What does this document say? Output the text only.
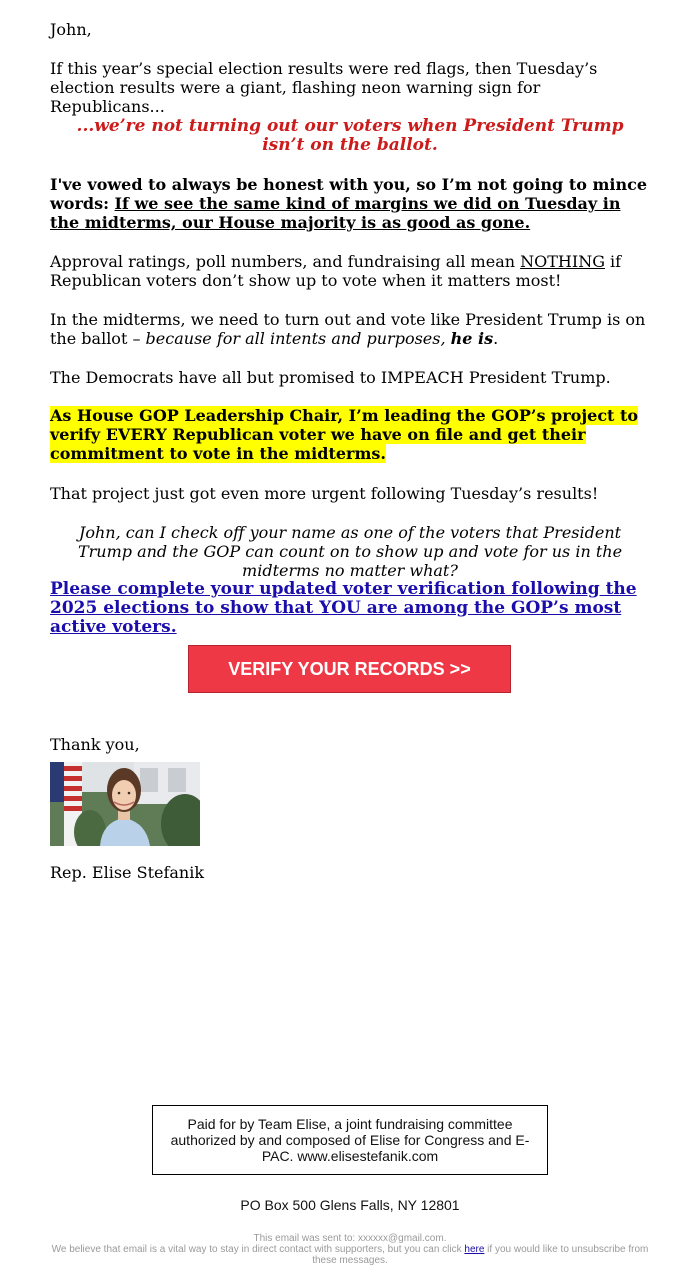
John,

If this year’s special election results were red flags, then Tuesday’s election results were a giant, flashing neon warning sign for Republicans...

...we’re not turning out our voters when President Trump isn’t on the ballot.

I've vowed to always be honest with you, so I’m not going to mince words: If we see the same kind of margins we did on Tuesday in the midterms, our House majority is as good as gone.

Approval ratings, poll numbers, and fundraising all mean NOTHING if Republican voters don’t show up to vote when it matters most!

In the midterms, we need to turn out and vote like President Trump is on the ballot – because for all intents and purposes, he is.

The Democrats have all but promised to IMPEACH President Trump.

As House GOP Leadership Chair, I’m leading the GOP’s project to verify EVERY Republican voter we have on file and get their commitment to vote in the midterms.

That project just got even more urgent following Tuesday’s results!

John, can I check off your name as one of the voters that President Trump and the GOP can count on to show up and vote for us in the midterms no matter what?

Please complete your updated voter verification following the 2025 elections to show that YOU are among the GOP’s most active voters.

VERIFY YOUR RECORDS >>

Thank you,

Rep. Elise Stefanik

Paid for by Team Elise, a joint fundraising committee authorized by and composed of Elise for Congress and E-PAC. www.elisestefanik.com
PO Box 500 Glens Falls, NY 12801
This email was sent to: xxxxxx@gmail.com.
We believe that email is a vital way to stay in direct contact with supporters, but you can click here if you would like to unsubscribe from these messages.
